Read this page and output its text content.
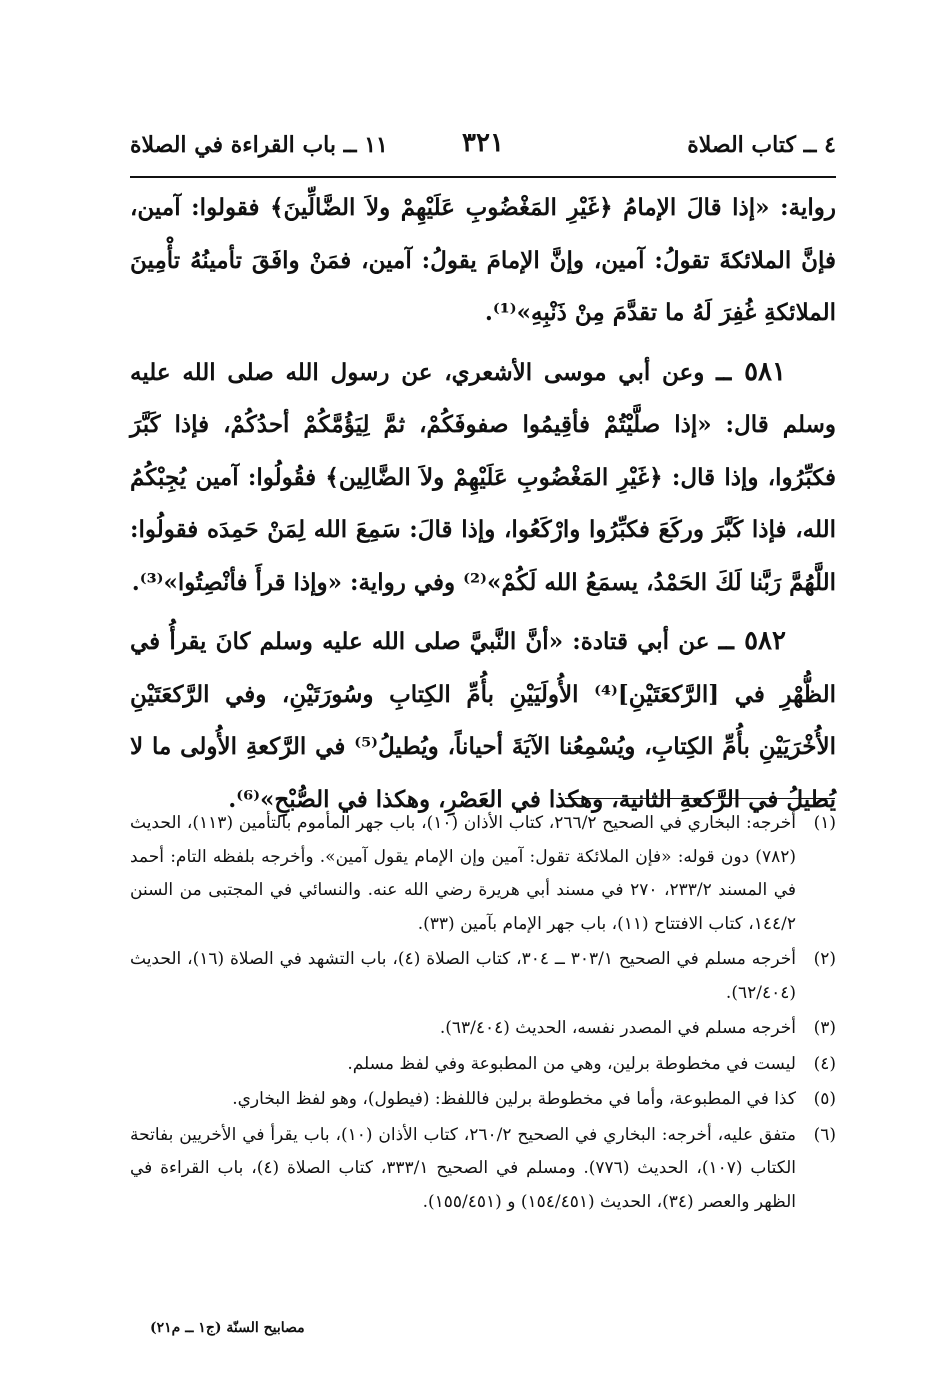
٤ ــ كتاب الصلاة
٣٢١
١١ ــ باب القراءة في الصلاة

رواية: «إذا قالَ الإمامُ ﴿غَيْرِ المَغْضُوبِ عَلَيْهِمْ ولاَ الضَّالِّينَ﴾ فقولوا: آمين، فإنَّ الملائكةَ تقولُ: آمين، وإنَّ الإمامَ يقولُ: آمين، فمَنْ وافَقَ تأمينُهُ تأْمِينَ الملائكةِ غُفِرَ لَهُ ما تقدَّمَ مِنْ ذَنْبِهِ»⁽¹⁾.

٥٨١ ــ وعن أبي موسى الأشعري، عن رسول الله صلى الله عليه وسلم قال: «إذا صلَّيْتُمْ فأقِيمُوا صفوفَكُمْ، ثمَّ لِيَؤُمَّكُمْ أحدُكُمْ، فإذا كَبَّرَ فكبِّرُوا، وإذا قال: ﴿غَيْرِ المَغْضُوبِ عَلَيْهِمْ ولاَ الضَّالِين﴾ فقُولُوا: آمين يُجِبْكُمُ الله، فإذا كَبَّرَ وركَعَ فكبِّرُوا وارْكَعُوا، وإذا قالَ: سَمِعَ الله لِمَنْ حَمِدَه فقولُوا: اللَّهُمَّ رَبَّنا لَكَ الحَمْدُ، يسمَعُ الله لَكُمْ»⁽²⁾ وفي رواية: «وإذا قرأَ فأنْصِتُوا»⁽³⁾.

٥٨٢ ــ عن أبي قتادة: «أنَّ النَّبيَّ صلى الله عليه وسلم كانَ يقرأُ في الظُّهْرِ في [الرَّكعَتَيْنِ]⁽⁴⁾ الأُولَيَيْنِ بأُمِّ الكِتابِ وسُورَتَيْنِ، وفي الرَّكعَتَيْنِ الأُخْرَيَيْنِ بأُمِّ الكِتابِ، ويُسْمِعُنا الآيَةَ أحياناً، ويُطيلُ⁽⁵⁾ في الرَّكعةِ الأُولى ما لا يُطيلُ في الرَّكعةِ الثانية، وهكذا في العَصْرِ، وهكذا في الصُّبْحِ»⁽⁶⁾.

(١)
أخرجه: البخاري في الصحيح ٢٦٦/٢، كتاب الأذان (١٠)، باب جهر المأموم بالتأمين (١١٣)، الحديث (٧٨٢) دون قوله: «فإن الملائكة تقول: آمين وإن الإمام يقول آمين». وأخرجه بلفظه التام: أحمد في المسند ٢٣٣/٢، ٢٧٠ في مسند أبي هريرة رضي الله عنه. والنسائي في المجتبى من السنن ١٤٤/٢، كتاب الافتتاح (١١)، باب جهر الإمام بآمين (٣٣).
(٢)
أخرجه مسلم في الصحيح ٣٠٣/١ ــ ٣٠٤، كتاب الصلاة (٤)، باب التشهد في الصلاة (١٦)، الحديث (٦٢/٤٠٤).
(٣)
أخرجه مسلم في المصدر نفسه، الحديث (٦٣/٤٠٤).
(٤)
ليست في مخطوطة برلين، وهي من المطبوعة وفي لفظ مسلم.
(٥)
كذا في المطبوعة، وأما في مخطوطة برلين فاللفظ: (فيطول)، وهو لفظ البخاري.
(٦)
متفق عليه، أخرجه: البخاري في الصحيح ٢٦٠/٢، كتاب الأذان (١٠)، باب يقرأ في الأخريين بفاتحة الكتاب (١٠٧)، الحديث (٧٧٦). ومسلم في الصحيح ٣٣٣/١، كتاب الصلاة (٤)، باب القراءة في الظهر والعصر (٣٤)، الحديث (١٥٤/٤٥١) و (١٥٥/٤٥١).
مصابيح السنّة (ج١ ــ م٢١)
